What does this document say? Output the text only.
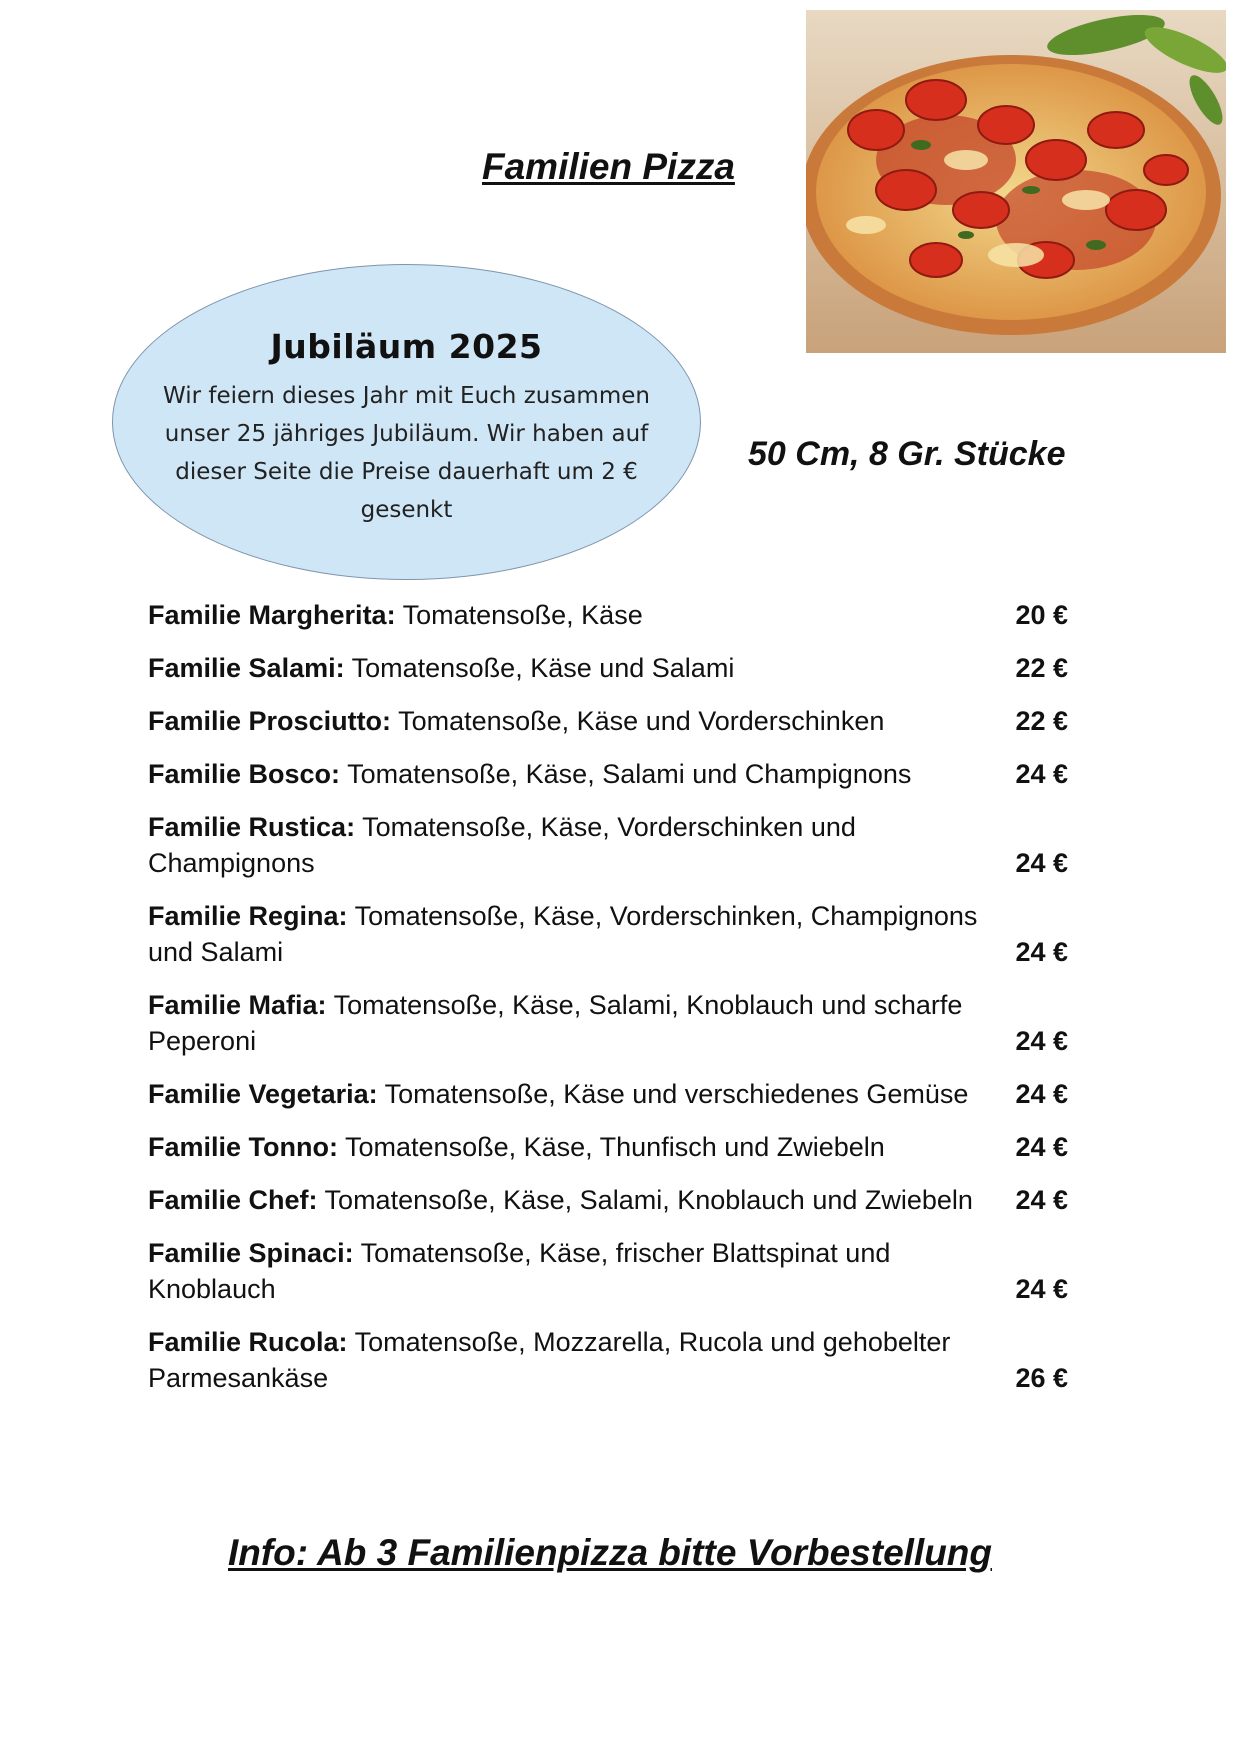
Familien Pizza
Jubiläum 2025
Wir feiern dieses Jahr mit Euch zusammen unser 25 jähriges Jubiläum. Wir haben auf dieser Seite die Preise dauerhaft um 2 € gesenkt
50 Cm, 8 Gr. Stücke
Familie Margherita: Tomatensoße, Käse	20 €
Familie Salami: Tomatensoße, Käse und Salami	22 €
Familie Prosciutto: Tomatensoße, Käse und Vorderschinken	22 €
Familie Bosco: Tomatensoße, Käse, Salami und Champignons	24 €
Familie Rustica: Tomatensoße, Käse, Vorderschinken und Champignons	24 €
Familie Regina: Tomatensoße, Käse, Vorderschinken, Champignons und Salami	24 €
Familie Mafia: Tomatensoße, Käse, Salami, Knoblauch und scharfe Peperoni	24 €
Familie Vegetaria: Tomatensoße, Käse und verschiedenes Gemüse	24 €
Familie Tonno: Tomatensoße, Käse, Thunfisch und Zwiebeln	24 €
Familie Chef: Tomatensoße, Käse, Salami, Knoblauch und Zwiebeln	24 €
Familie Spinaci: Tomatensoße, Käse, frischer Blattspinat und Knoblauch	24 €
Familie Rucola: Tomatensoße, Mozzarella, Rucola und gehobelter Parmesankäse	26 €
Info: Ab 3 Familienpizza bitte Vorbestellung
